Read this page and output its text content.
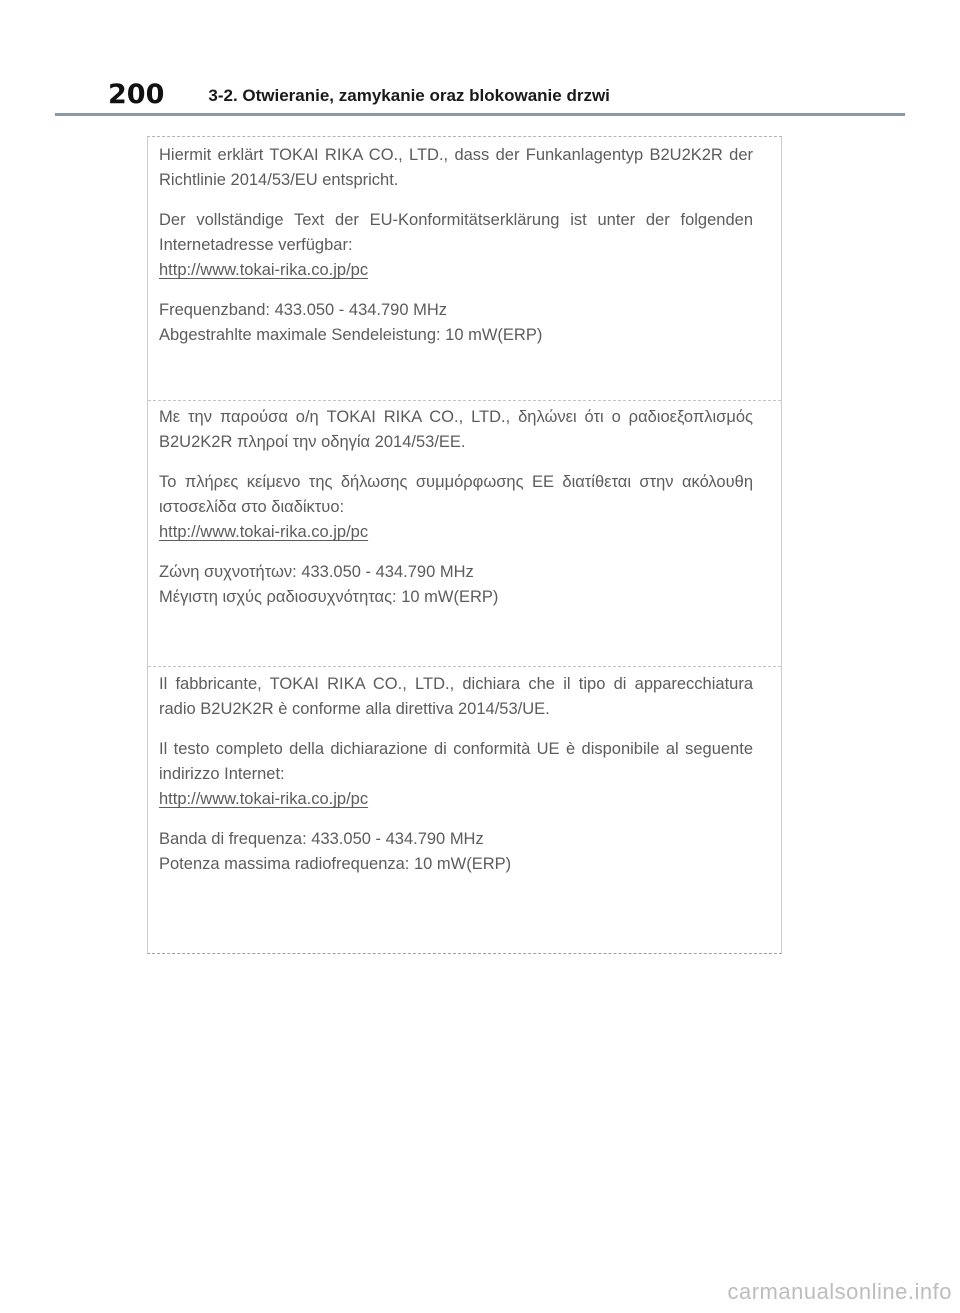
200	3-2. Otwieranie, zamykanie oraz blokowanie drzwi

Hiermit erklärt TOKAI RIKA CO., LTD., dass der Funkanlagentyp B2U2K2R der Richtlinie 2014/53/EU entspricht.

Der vollständige Text der EU-Konformitätserklärung ist unter der folgenden Internetadresse verfügbar:

http://www.tokai-rika.co.jp/pc

Frequenzband: 433.050 - 434.790 MHz

Abgestrahlte maximale Sendeleistung: 10 mW(ERP)

Με την παρούσα ο/η TOKAI RIKA CO., LTD., δηλώνει ότι ο ραδιοεξοπλισμός B2U2K2R πληροί την οδηγία 2014/53/ΕΕ.

Το πλήρες κείμενο της δήλωσης συμμόρφωσης ΕΕ διατίθεται στην ακόλουθη ιστοσελίδα στο διαδίκτυο:

http://www.tokai-rika.co.jp/pc

Ζώνη συχνοτήτων: 433.050 - 434.790 MHz

Μέγιστη ισχύς ραδιοσυχνότητας: 10 mW(ERP)

Il fabbricante, TOKAI RIKA CO., LTD., dichiara che il tipo di apparecchiatura radio B2U2K2R è conforme alla direttiva 2014/53/UE.

Il testo completo della dichiarazione di conformità UE è disponibile al seguente indirizzo Internet:

http://www.tokai-rika.co.jp/pc

Banda di frequenza: 433.050 - 434.790 MHz

Potenza massima radiofrequenza: 10 mW(ERP)

carmanualsonline.info
